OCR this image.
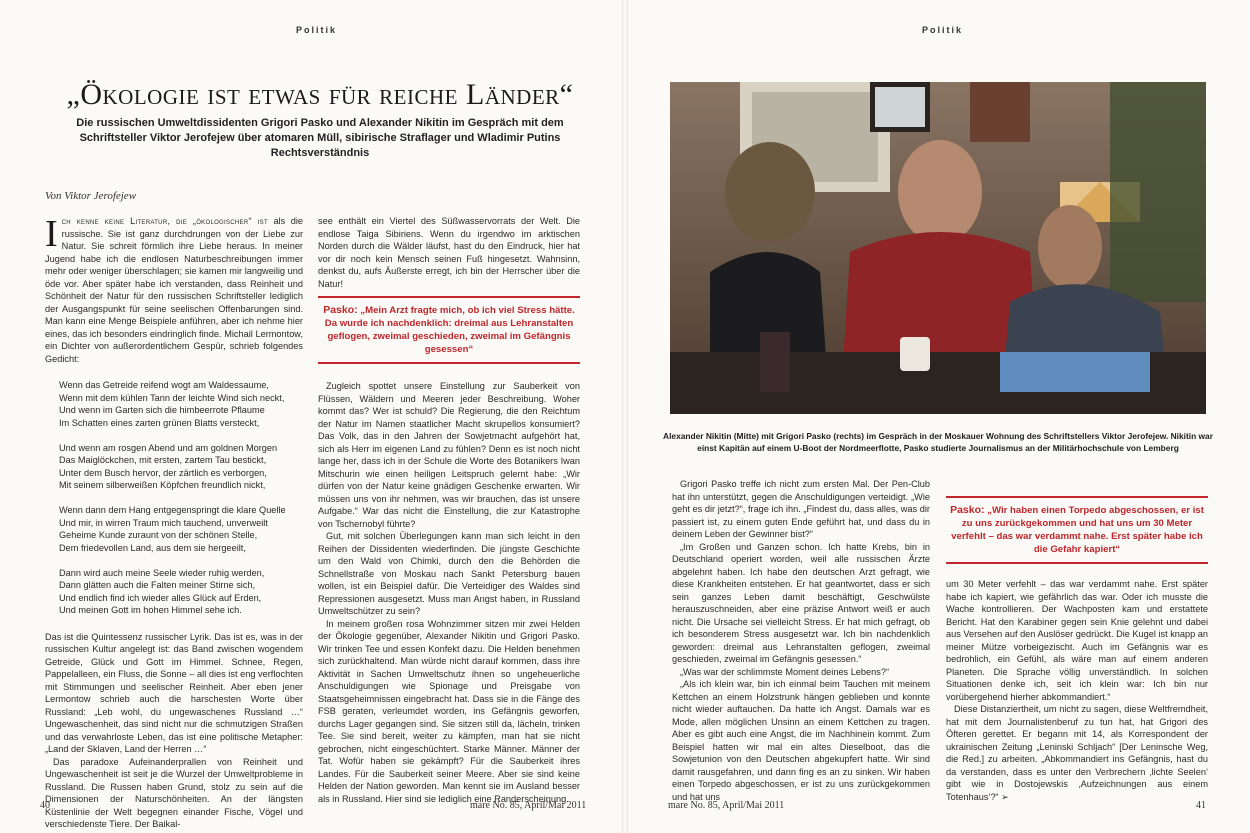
Politik
„Ökologie ist etwas für reiche Länder“
Die russischen Umweltdissidenten Grigori Pasko und Alexander Nikitin im Gespräch mit dem Schriftsteller Viktor Jerofejew über atomaren Müll, sibirische Straflager und Wladimir Putins Rechtsverständnis
Von Viktor Jerofejew

Ich kenne keine Literatur, die „ökologischer“ ist als die russische. Sie ist ganz durchdrungen von der Liebe zur Natur. Sie schreit förmlich ihre Liebe heraus. In meiner Jugend habe ich die endlosen Naturbeschreibungen immer mehr oder weniger überschlagen; sie kamen mir langweilig und öde vor. Aber später habe ich verstanden, dass Reinheit und Schönheit der Natur für den russischen Schriftsteller lediglich der Ausgangspunkt für seine seelischen Offenbarungen sind. Man kann eine Menge Beispiele anführen, aber ich nehme hier eines, das ich besonders eindringlich finde. Michail Lermontow, ein Dichter von außerordentlichem Gespür, schrieb folgendes Gedicht:

Wenn das Getreide reifend wogt am Waldessaume,
Wenn mit dem kühlen Tann der leichte Wind sich neckt,
Und wenn im Garten sich die himbeerrote Pflaume
Im Schatten eines zarten grünen Blatts versteckt,
Und wenn am rosgen Abend und am goldnen Morgen
Das Maiglöckchen, mit ersten, zartem Tau bestickt,
Unter dem Busch hervor, der zärtlich es verborgen,
Mit seinem silberweißen Köpfchen freundlich nickt,
Wenn dann dem Hang entgegenspringt die klare Quelle
Und mir, in wirren Traum mich tauchend, unverweilt
Geheime Kunde zuraunt von der schönen Stelle,
Dem friedevollen Land, aus dem sie hergeeilt,
Dann wird auch meine Seele wieder ruhig werden,
Dann glätten auch die Falten meiner Stirne sich,
Und endlich find ich wieder alles Glück auf Erden,
Und meinen Gott im hohen Himmel sehe ich.

Das ist die Quintessenz russischer Lyrik. Das ist es, was in der russischen Kultur angelegt ist: das Band zwischen wogendem Getreide, Glück und Gott im Himmel. Schnee, Regen, Pappelalleen, ein Fluss, die Sonne – all dies ist eng verflochten mit Stimmungen und seelischer Reinheit. Aber eben jener Lermontow schrieb auch die harschesten Worte über Russland: „Leb wohl, du ungewaschenes Russland …“ Ungewaschenheit, das sind nicht nur die schmutzigen Straßen und das verwahrloste Leben, das ist eine politische Metapher: „Land der Sklaven, Land der Herren …“

Das paradoxe Aufeinanderprallen von Reinheit und Ungewaschenheit ist seit je die Wurzel der Umweltprobleme in Russland. Die Russen haben Grund, stolz zu sein auf die Dimensionen der Naturschönheiten. An der längsten Küstenlinie der Welt begegnen einander Fische, Vögel und verschiedenste Tiere. Der Baikal-

see enthält ein Viertel des Süßwasservorrats der Welt. Die endlose Taiga Sibiriens. Wenn du irgendwo im arktischen Norden durch die Wälder läufst, hast du den Eindruck, hier hat vor dir noch kein Mensch seinen Fuß hingesetzt. Wahnsinn, denkst du, aufs Äußerste erregt, ich bin der Herrscher über die Natur!

Pasko: „Mein Arzt fragte mich, ob ich viel Stress hätte. Da wurde ich nachdenklich: dreimal aus Lehranstalten geflogen, zweimal geschieden, zweimal im Gefängnis gesessen“

Zugleich spottet unsere Einstellung zur Sauberkeit von Flüssen, Wäldern und Meeren jeder Beschreibung. Woher kommt das? Wer ist schuld? Die Regierung, die den Reichtum der Natur im Namen staatlicher Macht skrupellos konsumiert? Das Volk, das in den Jahren der Sowjetmacht aufgehört hat, sich als Herr im eigenen Land zu fühlen? Denn es ist noch nicht lange her, dass ich in der Schule die Worte des Botanikers Iwan Mitschurin wie einen heiligen Leitspruch gelernt habe: „Wir dürfen von der Natur keine gnädigen Geschenke erwarten. Wir müssen uns von ihr nehmen, was wir brauchen, das ist unsere Aufgabe.“ War das nicht die Einstellung, die zur Katastrophe von Tschernobyl führte?

Gut, mit solchen Überlegungen kann man sich leicht in den Reihen der Dissidenten wiederfinden. Die jüngste Geschichte um den Wald von Chimki, durch den die Behörden die Schnellstraße von Moskau nach Sankt Petersburg bauen wollen, ist ein Beispiel dafür. Die Verteidiger des Waldes sind Repressionen ausgesetzt. Muss man Angst haben, in Russland Umweltschützer zu sein?

In meinem großen rosa Wohnzimmer sitzen mir zwei Helden der Ökologie gegenüber, Alexander Nikitin und Grigori Pasko. Wir trinken Tee und essen Konfekt dazu. Die Helden benehmen sich zurückhaltend. Man würde nicht darauf kommen, dass ihre Aktivität in Sachen Umweltschutz ihnen so ungeheuerliche Anschuldigungen wie Spionage und Preisgabe von Staatsgeheimnissen eingebracht hat. Dass sie in die Fänge des FSB geraten, verleumdet worden, ins Gefängnis geworfen, durchs Lager gegangen sind. Sie sitzen still da, lächeln, trinken Tee. Sie sind bereit, weiter zu kämpfen, man hat sie nicht gebrochen, nicht eingeschüchtert. Starke Männer. Männer der Tat. Wofür haben sie gekämpft? Für die Sauberkeit ihres Landes. Für die Sauberkeit seiner Meere. Aber sie sind keine Helden der Nation geworden. Man kennt sie im Ausland besser als in Russland. Hier sind sie lediglich eine Randerscheinung.

40	mare No. 85, April/Mai 2011
Politik
Alexander Nikitin (Mitte) mit Grigori Pasko (rechts) im Gespräch in der Moskauer Wohnung des Schriftstellers Viktor Jerofejew. Nikitin war einst Kapitän auf einem U-Boot der Nordmeerflotte, Pasko studierte Journalismus an der Militärhochschule von Lemberg

Grigori Pasko treffe ich nicht zum ersten Mal. Der Pen-Club hat ihn unterstützt, gegen die Anschuldigungen verteidigt. „Wie geht es dir jetzt?“, frage ich ihn. „Findest du, dass alles, was dir passiert ist, zu einem guten Ende geführt hat, und dass du in deinem Leben der Gewinner bist?“

„Im Großen und Ganzen schon. Ich hatte Krebs, bin in Deutschland operiert worden, weil alle russischen Ärzte abgelehnt haben. Ich habe den deutschen Arzt gefragt, wie diese Krankheiten entstehen. Er hat geantwortet, dass er sich sein ganzes Leben damit beschäftigt, Geschwülste herauszuschneiden, aber eine präzise Antwort weiß er auch nicht. Die Ursache sei vielleicht Stress. Er hat mich gefragt, ob ich besonderem Stress ausgesetzt war. Ich bin nachdenklich geworden: dreimal aus Lehranstalten geflogen, zweimal geschieden, zweimal im Gefängnis gesessen.“

„Was war der schlimmste Moment deines Lebens?“

„Als ich klein war, bin ich einmal beim Tauchen mit meinem Kettchen an einem Holzstrunk hängen geblieben und konnte nicht wieder auftauchen. Da hatte ich Angst. Damals war es Mode, allen möglichen Unsinn an einem Kettchen zu tragen. Aber es gibt auch eine Angst, die im Nachhinein kommt. Zum Beispiel hatten wir mal ein altes Dieselboot, das die Sowjetunion von den Deutschen abgekupfert hatte. Wir sind damit rausgefahren, und dann fing es an zu sinken. Wir haben einen Torpedo abgeschossen, er ist zu uns zurückgekommen und hat uns

Pasko: „Wir haben einen Torpedo abgeschossen, er ist zu uns zurückgekommen und hat uns um 30 Meter verfehlt – das war verdammt nahe. Erst später habe ich die Gefahr kapiert“

um 30 Meter verfehlt – das war verdammt nahe. Erst später habe ich kapiert, wie gefährlich das war. Oder ich musste die Wache kontrollieren. Der Wachposten kam und erstattete Bericht. Hat den Karabiner gegen sein Knie gelehnt und dabei aus Versehen auf den Auslöser gedrückt. Die Kugel ist knapp an meiner Mütze vorbeigezischt. Auch im Gefängnis war es bedrohlich, ein Gefühl, als wäre man auf einem anderen Planeten. Die Sprache völlig unverständlich. In solchen Situationen denke ich, seit ich klein war: Ich bin nur vorübergehend hierher abkommandiert.“

Diese Distanziertheit, um nicht zu sagen, diese Weltfremdheit, hat mit dem Journalistenberuf zu tun hat, hat Grigori des Öfteren gerettet. Er begann mit 14, als Korrespondent der ukrainischen Zeitung „Leninski Schljach“ [Der Leninsche Weg, die Red.] zu arbeiten. „Abkommandiert ins Gefängnis, hast du da verstanden, dass es unter den Verbrechern ‚lichte Seelen‘ gibt wie in Dostojewskis ‚Aufzeichnungen aus einem Totenhaus‘?“ ➢

mare No. 85, April/Mai 2011	41
